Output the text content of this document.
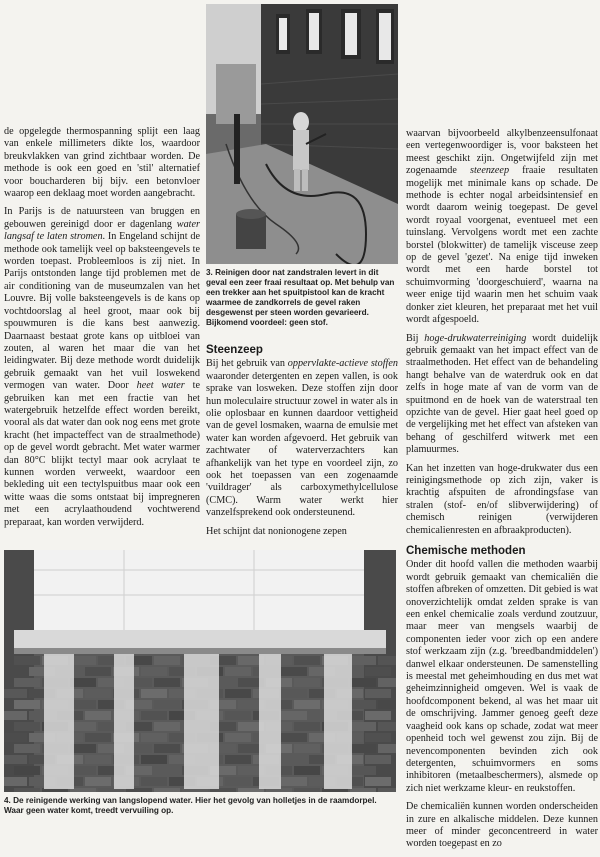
de opgelegde thermospanning splijt een laag van enkele millimeters dikte los, waardoor breukvlakken van grind zichtbaar worden. De methode is ook een goed en 'stil' alternatief voor boucharderen bij bijv. een betonvloer waarop een deklaag moet worden aangebracht.

In Parijs is de natuursteen van bruggen en gebouwen gereinigd door er dagenlang water langsaf te laten stromen. In Engeland schijnt de methode ook tamelijk veel op baksteengevels te worden toepast. Probleemloos is zij niet. In Parijs ontstonden lange tijd problemen met de air conditioning van de museumzalen van het Louvre. Bij volle baksteengevels is de kans op vochtdoorslag al heel groot, maar ook bij spouwmuren is die kans best aanwezig. Daarnaast bestaat grote kans op uitbloei van zouten, al waren het maar die van het leidingwater. Bij deze methode wordt duidelijk gebruik gemaakt van het vuil loswekend vermogen van water. Door heet water te gebruiken kan met een fractie van het watergebruik hetzelfde effect worden bereikt, vooral als dat water dan ook nog eens met grote kracht (het impacteffect van de straalmethode) op de gevel wordt gebracht. Met water warmer dan 80°C blijkt tectyl maar ook acrylaat te kunnen worden verweekt, waardoor een bekleding uit een tectylspuitbus maar ook een witte waas die soms ontstaat bij impregneren met een acrylaathoudend vochtwerend preparaat, kan worden verwijderd.

3. Reinigen door nat zandstralen levert in dit geval een zeer fraai resultaat op. Met behulp van een trekker aan het spuitpistool kan de kracht waarmee de zandkorrels de gevel raken desgewenst per steen worden gevarieerd. Bijkomend voordeel: geen stof.
Steenzeep

Bij het gebruik van oppervlakte-actieve stoffen waaronder detergenten en zepen vallen, is ook sprake van losweken. Deze stoffen zijn door hun moleculaire structuur zowel in water als in olie oplosbaar en kunnen daardoor vettigheid van de gevel losmaken, waarna de emulsie met water kan worden afgevoerd. Het gebruik van zachtwater of waterverzachters kan afhankelijk van het type en voordeel zijn, zo ook het toepassen van een zogenaamde 'vuildrager' als carboxymethylcellulose (CMC). Warm water werkt hier vanzelfsprekend ook ondersteunend.

Het schijnt dat nonionogene zepen

waarvan bijvoorbeeld alkylbenzeensulfonaat een vertegenwoordiger is, voor baksteen het meest geschikt zijn. Ongetwijfeld zijn met zogenaamde steenzeep fraaie resultaten mogelijk met minimale kans op schade. De methode is echter nogal arbeidsintensief en wordt daarom weinig toegepast. De gevel wordt royaal voorgenat, eventueel met een tuinslang. Vervolgens wordt met een zachte borstel (blokwitter) de tamelijk visceuse zeep op de gevel 'gezet'. Na enige tijd inweken wordt met een harde borstel tot schuimvorming 'doorgeschuierd', waarna na weer enige tijd waarin men het schuim vaak donker ziet kleuren, het preparaat met het vuil wordt afgespoeld.

Bij hoge-drukwaterreiniging wordt duidelijk gebruik gemaakt van het impact effect van de straalmethoden. Het effect van de behandeling hangt behalve van de waterdruk ook en dat zelfs in hoge mate af van de vorm van de spuitmond en de hoek van de waterstraal ten opzichte van de gevel. Hier gaat heel goed op de vergelijking met het effect van afsteken van behang of geschilferd witwerk met een plamuurmes.

Kan het inzetten van hoge-drukwater dus een reinigingsmethode op zich zijn, vaker is krachtig afspuiten de afrondingsfase van stralen (stof- en/of slibverwijdering) of chemisch reinigen (verwijderen chemicalienresten en afbraakproducten).

Chemische methoden

Onder dit hoofd vallen die methoden waarbij wordt gebruik gemaakt van chemicaliën die stoffen afbreken of omzetten. Dit gebied is wat onoverzichtelijk omdat zelden sprake is van een enkel chemicalie zoals verdund zoutzuur, maar meer van mengsels waarbij de componenten ieder voor zich op een andere stof werkzaam zijn (z.g. 'breedbandmiddelen') danwel elkaar ondersteunen. De samenstelling is meestal met geheimhouding en dus met wat geheimzinnigheid omgeven. Wel is vaak de hoofdcomponent bekend, al was het maar uit de omschrijving. Jammer genoeg geeft deze vaagheid ook kans op schade, zodat wat meer openheid toch wel gewenst zou zijn. Bij de nevencomponenten bevinden zich ook detergenten, schuimvormers en soms inhibitoren (metaalbeschermers), alsmede op zich niet werkzame kleur- en reukstoffen.

De chemicaliën kunnen worden onderscheiden in zure en alkalische middelen. Deze kunnen meer of minder geconcentreerd in water worden toegepast en zo

4. De reinigende werking van langslopend water. Hier het gevolg van holletjes in de raamdorpel. Waar geen water komt, treedt vervuiling op.
